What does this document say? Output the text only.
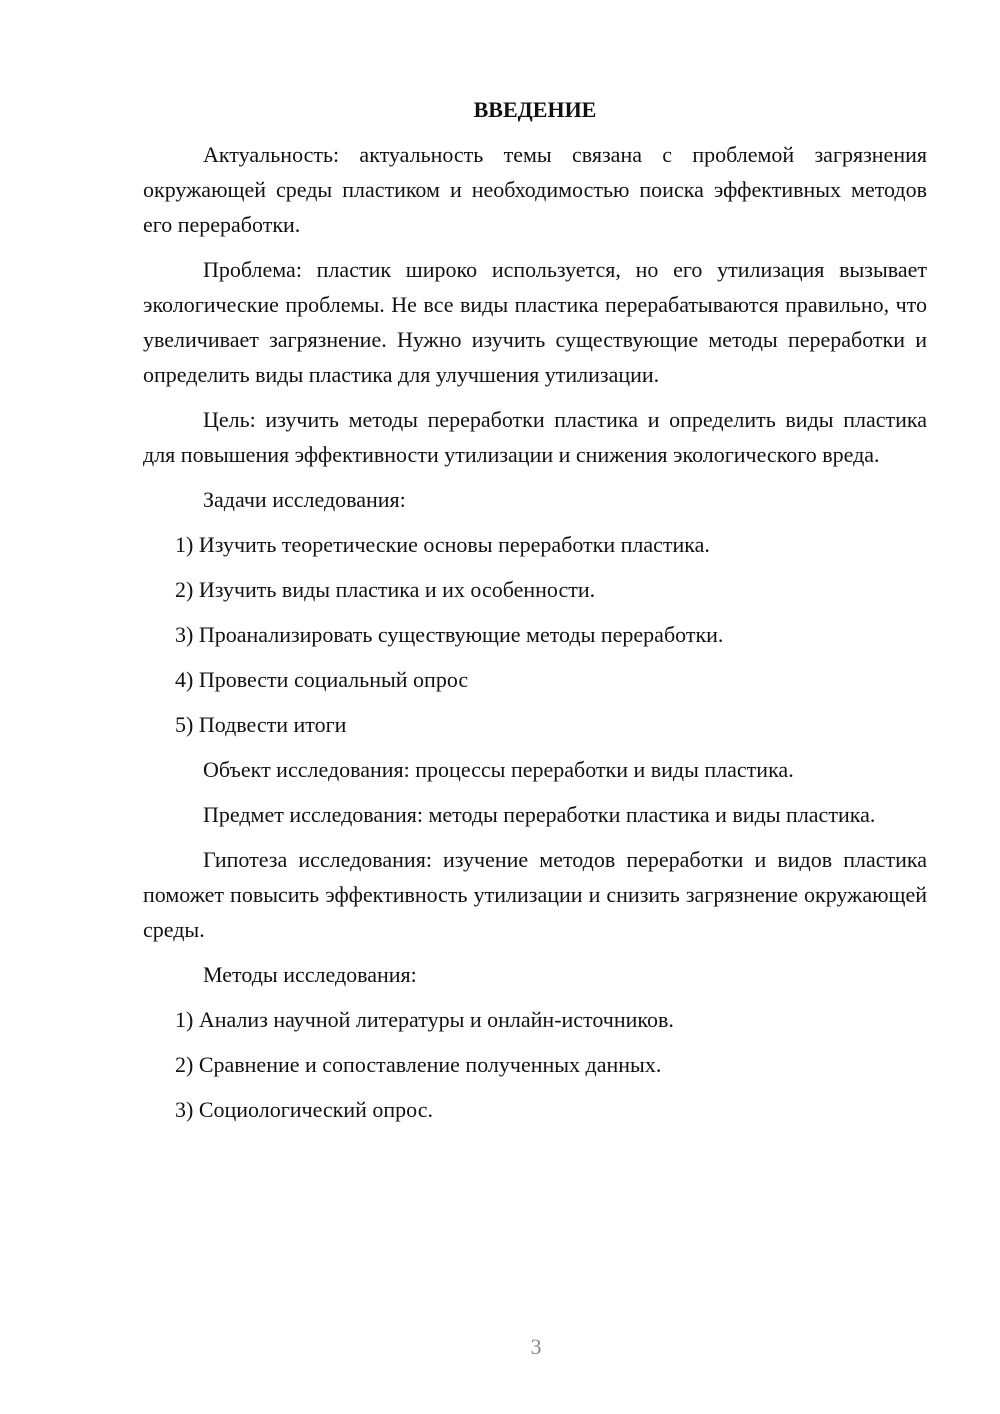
ВВЕДЕНИЕ

Актуальность: актуальность темы связана с проблемой загрязнения окружающей среды пластиком и необходимостью поиска эффективных методов его переработки.

Проблема: пластик широко используется, но его утилизация вызывает экологические проблемы. Не все виды пластика перерабатываются правильно, что увеличивает загрязнение. Нужно изучить существующие методы переработки и определить виды пластика для улучшения утилизации.

Цель: изучить методы переработки пластика и определить виды пластика для повышения эффективности утилизации и снижения экологического вреда.

Задачи исследования:

1) Изучить теоретические основы переработки пластика.

2) Изучить виды пластика и их особенности.

3) Проанализировать существующие методы переработки.

4) Провести социальный опрос

5) Подвести итоги

Объект исследования: процессы переработки и виды пластика.

Предмет исследования: методы переработки пластика и виды пластика.

Гипотеза исследования: изучение методов переработки и видов пластика поможет повысить эффективность утилизации и снизить загрязнение окружающей среды.

Методы исследования:

1) Анализ научной литературы и онлайн-источников.

2) Сравнение и сопоставление полученных данных.

3) Социологический опрос.

3
